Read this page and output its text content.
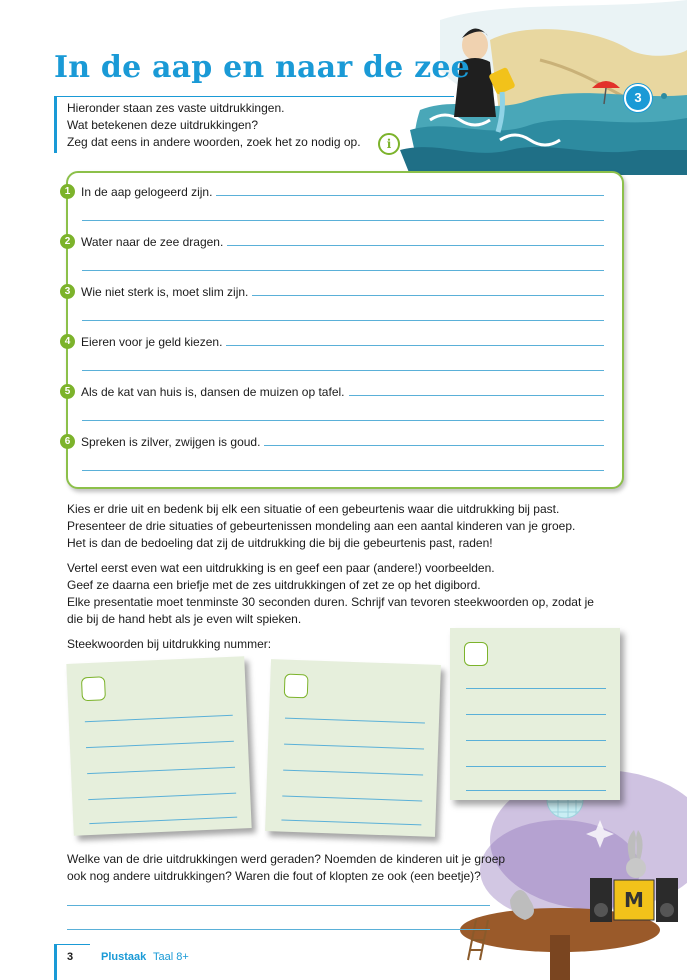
In de aap en naar de zee
3
Hieronder staan zes vaste uitdrukkingen.
Wat betekenen deze uitdrukkingen?
Zeg dat eens in andere woorden, zoek het zo nodig op.	i
1 In de aap gelogeerd zijn.
2 Water naar de zee dragen.
3 Wie niet sterk is, moet slim zijn.
4 Eieren voor je geld kiezen.
5 Als de kat van huis is, dansen de muizen op tafel.
6 Spreken is zilver, zwijgen is goud.
Kies er drie uit en bedenk bij elk een situatie of een gebeurtenis waar die uitdrukking bij past.
Presenteer de drie situaties of gebeurtenissen mondeling aan een aantal kinderen van je groep.
Het is dan de bedoeling dat zij de uitdrukking die bij die gebeurtenis past, raden!
Vertel eerst even wat een uitdrukking is en geef een paar (andere!) voorbeelden.
Geef ze daarna een briefje met de zes uitdrukkingen of zet ze op het digibord.
Elke presentatie moet tenminste 30 seconden duren. Schrijf van tevoren steekwoorden op, zodat je
die bij de hand hebt als je even wilt spieken.
Steekwoorden bij uitdrukking nummer:
M
Welke van de drie uitdrukkingen werd geraden? Noemden de kinderen uit je groep
ook nog andere uitdrukkingen? Waren die fout of klopten ze ook (een beetje)?
3	Plustaak Taal 8+
